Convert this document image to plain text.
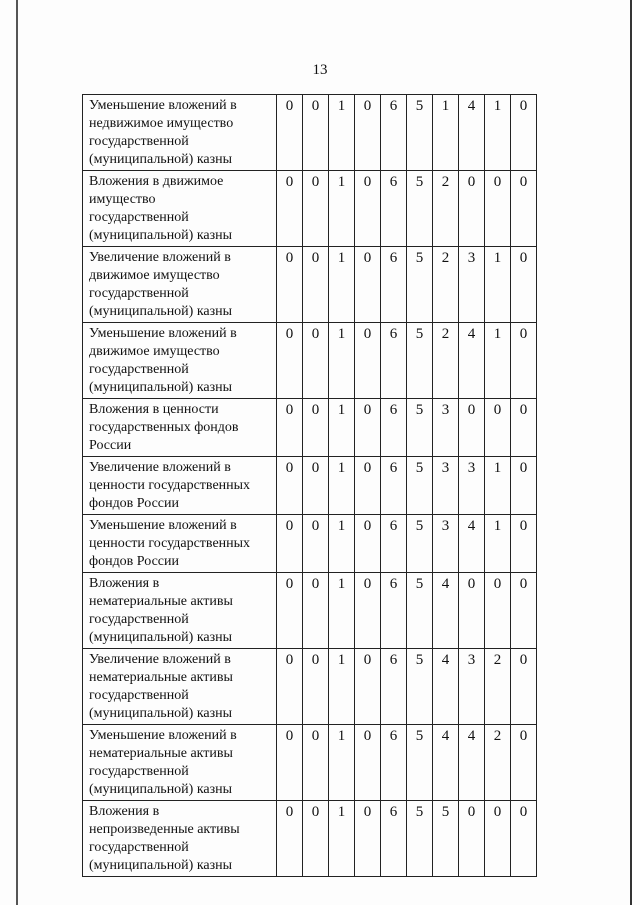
13
Уменьшение вложений в
недвижимое имущество
государственной
(муниципальной) казны	0	0	1	0	6	5	1	4	1	0

Вложения в движимое
имущество
государственной
(муниципальной) казны	0	0	1	0	6	5	2	0	0	0

Увеличение вложений в
движимое имущество
государственной
(муниципальной) казны	0	0	1	0	6	5	2	3	1	0

Уменьшение вложений в
движимое имущество
государственной
(муниципальной) казны	0	0	1	0	6	5	2	4	1	0

Вложения в ценности
государственных фондов
России	0	0	1	0	6	5	3	0	0	0

Увеличение вложений в
ценности государственных
фондов России	0	0	1	0	6	5	3	3	1	0

Уменьшение вложений в
ценности государственных
фондов России	0	0	1	0	6	5	3	4	1	0

Вложения в
нематериальные активы
государственной
(муниципальной) казны	0	0	1	0	6	5	4	0	0	0

Увеличение вложений в
нематериальные активы
государственной
(муниципальной) казны	0	0	1	0	6	5	4	3	2	0

Уменьшение вложений в
нематериальные активы
государственной
(муниципальной) казны	0	0	1	0	6	5	4	4	2	0

Вложения в
непроизведенные активы
государственной
(муниципальной) казны	0	0	1	0	6	5	5	0	0	0
